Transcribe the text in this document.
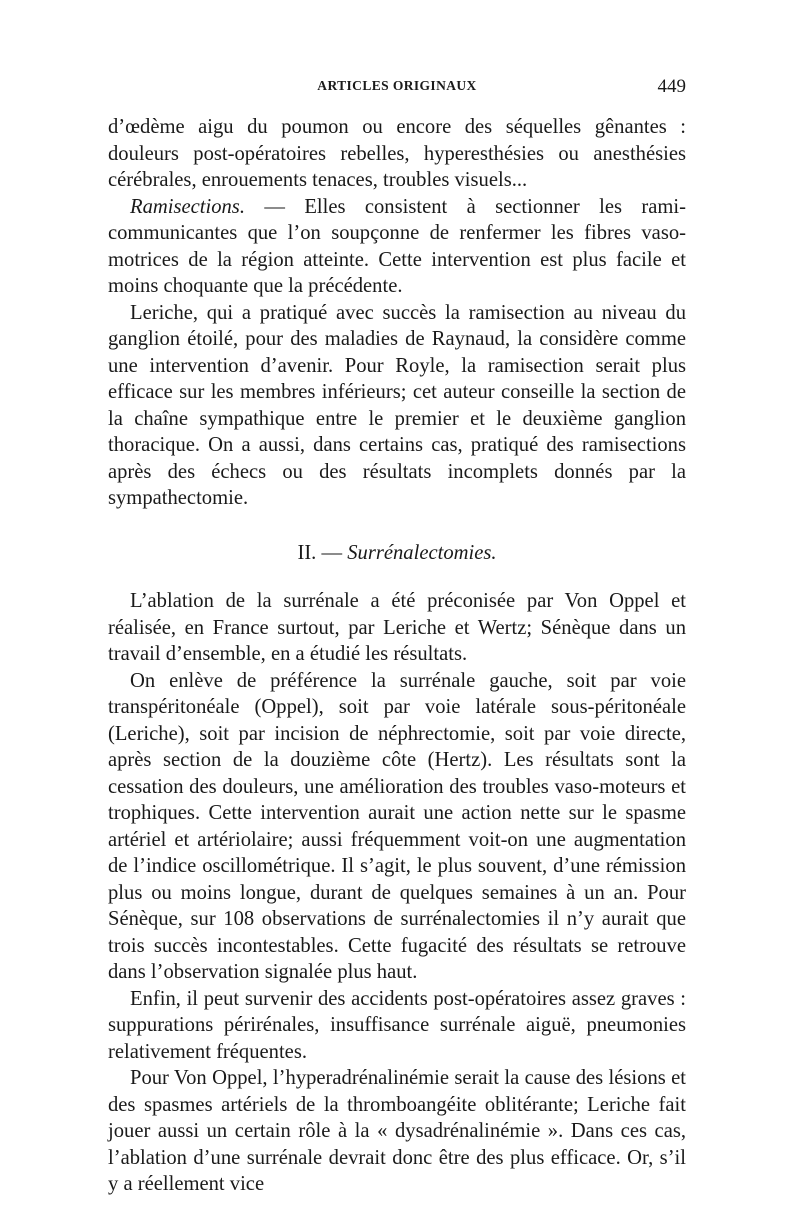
ARTICLES ORIGINAUX	449

d’œdème aigu du poumon ou encore des séquelles gênantes : douleurs post-opératoires rebelles, hyperesthésies ou anesthésies cérébrales, enrouements tenaces, troubles visuels...

Ramisections. — Elles consistent à sectionner les rami-communicantes que l’on soupçonne de renfermer les fibres vaso-motrices de la région atteinte. Cette intervention est plus facile et moins choquante que la précédente.

Leriche, qui a pratiqué avec succès la ramisection au niveau du ganglion étoilé, pour des maladies de Raynaud, la considère comme une intervention d’avenir. Pour Royle, la ramisection serait plus efficace sur les membres inférieurs; cet auteur conseille la section de la chaîne sympathique entre le premier et le deuxième ganglion thoracique. On a aussi, dans certains cas, pratiqué des ramisections après des échecs ou des résultats incomplets donnés par la sympathectomie.

II. — Surrénalectomies.

L’ablation de la surrénale a été préconisée par Von Oppel et réalisée, en France surtout, par Leriche et Wertz; Sénèque dans un travail d’ensemble, en a étudié les résultats.

On enlève de préférence la surrénale gauche, soit par voie transpéritonéale (Oppel), soit par voie latérale sous-péritonéale (Leriche), soit par incision de néphrectomie, soit par voie directe, après section de la douzième côte (Hertz). Les résultats sont la cessation des douleurs, une amélioration des troubles vaso-moteurs et trophiques. Cette intervention aurait une action nette sur le spasme artériel et artériolaire; aussi fréquemment voit-on une augmentation de l’indice oscillométrique. Il s’agit, le plus souvent, d’une rémission plus ou moins longue, durant de quelques semaines à un an. Pour Sénèque, sur 108 observations de surrénalectomies il n’y aurait que trois succès incontestables. Cette fugacité des résultats se retrouve dans l’observation signalée plus haut.

Enfin, il peut survenir des accidents post-opératoires assez graves : suppurations périrénales, insuffisance surrénale aiguë, pneumonies relativement fréquentes.

Pour Von Oppel, l’hyperadrénalinémie serait la cause des lésions et des spasmes artériels de la thromboangéite oblitérante; Leriche fait jouer aussi un certain rôle à la « dysadrénalinémie ». Dans ces cas, l’ablation d’une surrénale devrait donc être des plus efficace. Or, s’il y a réellement vice
